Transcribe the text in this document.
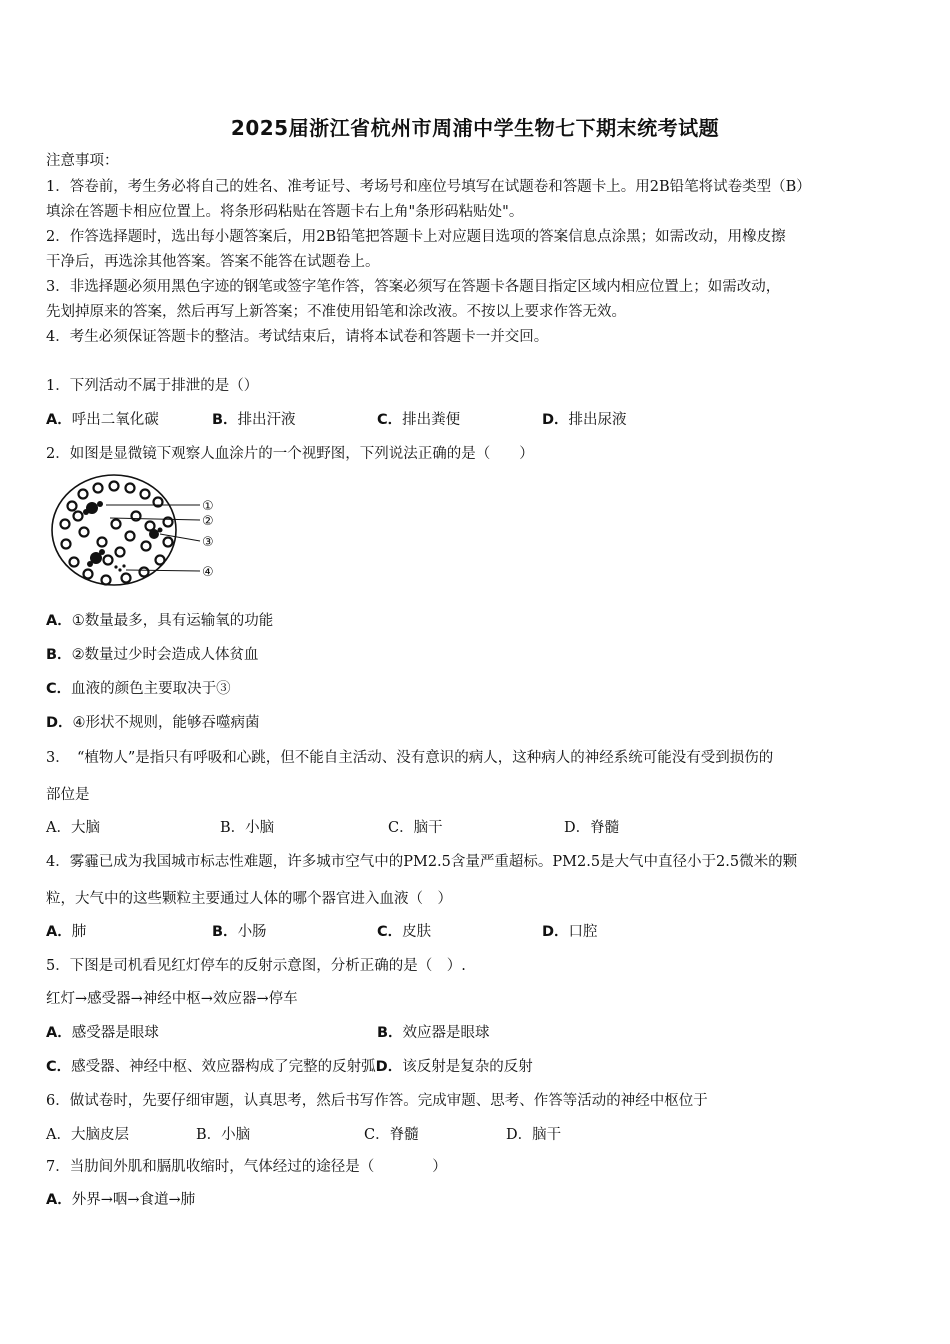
2025届浙江省杭州市周浦中学生物七下期末统考试题
注意事项：
1．答卷前，考生务必将自己的姓名、准考证号、考场号和座位号填写在试题卷和答题卡上。用2B铅笔将试卷类型（B）
填涂在答题卡相应位置上。将条形码粘贴在答题卡右上角"条形码粘贴处"。
2．作答选择题时，选出每小题答案后，用2B铅笔把答题卡上对应题目选项的答案信息点涂黑；如需改动，用橡皮擦
干净后，再选涂其他答案。答案不能答在试题卷上。
3．非选择题必须用黑色字迹的钢笔或签字笔作答，答案必须写在答题卡各题目指定区域内相应位置上；如需改动，
先划掉原来的答案，然后再写上新答案；不准使用铅笔和涂改液。不按以上要求作答无效。
4．考生必须保证答题卡的整洁。考试结束后，请将本试卷和答题卡一并交回。
1．下列活动不属于排泄的是（）
A．呼出二氧化碳	B．排出汗液	C．排出粪便	D．排出尿液
2．如图是显微镜下观察人血涂片的一个视野图，下列说法正确的是（　　）
①
②
③
④
A．①数量最多，具有运输氧的功能
B．②数量过少时会造成人体贫血
C．血液的颜色主要取决于③
D．④形状不规则，能够吞噬病菌
3．　“植物人”是指只有呼吸和心跳，但不能自主活动、没有意识的病人，这种病人的神经系统可能没有受到损伤的
部位是
A．大脑	B．小脑	C．脑干	D．脊髓
4．雾霾已成为我国城市标志性难题，许多城市空气中的PM2.5含量严重超标。PM2.5是大气中直径小于2.5微米的颗
粒，大气中的这些颗粒主要通过人体的哪个器官进入血液（　）
A．肺	B．小肠	C．皮肤	D．口腔
5．下图是司机看见红灯停车的反射示意图，分析正确的是（　）.
红灯→感受器→神经中枢→效应器→停车
A．感受器是眼球	B．效应器是眼球
C．感受器、神经中枢、效应器构成了完整的反射弧D．该反射是复杂的反射
6．做试卷时，先要仔细审题，认真思考，然后书写作答。完成审题、思考、作答等活动的神经中枢位于
A．大脑皮层	B．小脑	C．脊髓	D．脑干
7．当肋间外肌和膈肌收缩时，气体经过的途径是（　　　　）
A．外界→咽→食道→肺
